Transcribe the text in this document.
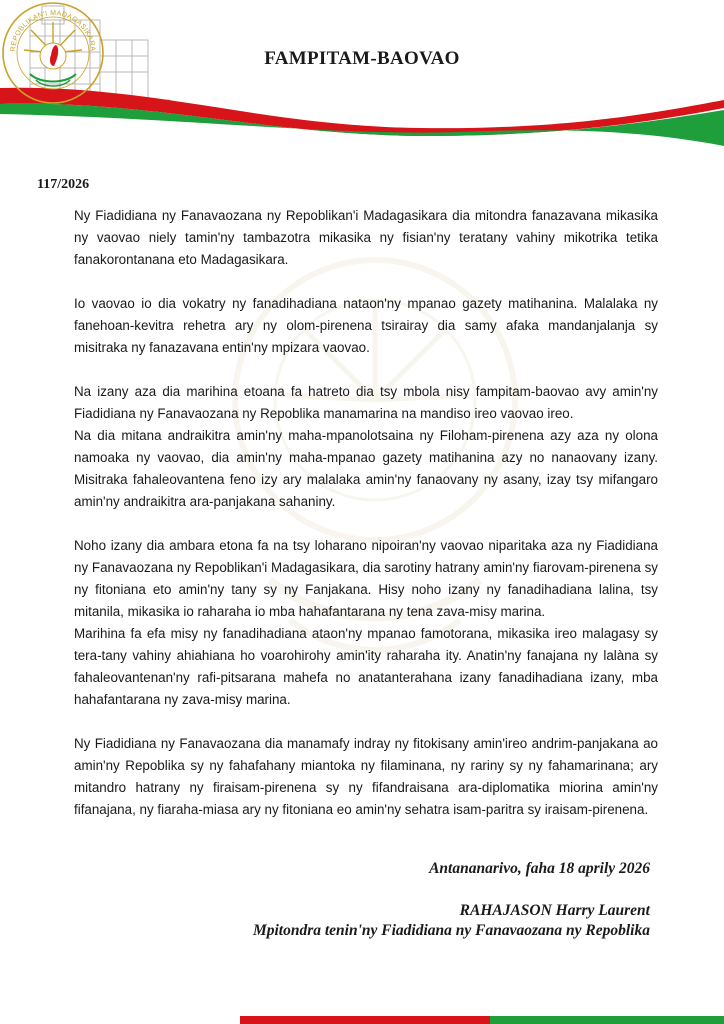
FAMPITAM-BAOVAO
REPOBLIKAN'I MADAGASIKARA
117/2026

Ny Fiadidiana ny Fanavaozana ny Repoblikan'i Madagasikara dia mitondra fanazavana mikasika ny vaovao niely tamin'ny tambazotra mikasika ny fisian'ny teratany vahiny mikotrika tetika fanakorontanana eto Madagasikara.

Io vaovao io dia vokatry ny fanadihadiana nataon'ny mpanao gazety matihanina. Malalaka ny fanehoan-kevitra rehetra ary ny olom-pirenena tsirairay dia samy afaka mandanjalanja sy misitraka ny fanazavana entin'ny mpizara vaovao.

Na izany aza dia marihina etoana fa hatreto dia tsy mbola nisy fampitam-baovao avy amin'ny Fiadidiana ny Fanavaozana ny Repoblika manamarina na mandiso ireo vaovao ireo.

Na dia mitana andraikitra amin'ny maha-mpanolotsaina ny Filoham-pirenena azy aza ny olona namoaka ny vaovao, dia amin'ny maha-mpanao gazety matihanina azy no nanaovany izany. Misitraka fahaleovantena feno izy ary malalaka amin'ny fanaovany ny asany, izay tsy mifangaro amin'ny andraikitra ara-panjakana sahaniny.

Noho izany dia ambara etona fa na tsy loharano nipoiran'ny vaovao niparitaka aza ny Fiadidiana ny Fanavaozana ny Repoblikan'i Madagasikara, dia sarotiny hatrany amin'ny fiarovam-pirenena sy ny fitoniana eto amin'ny tany sy ny Fanjakana. Hisy noho izany ny fanadihadiana lalina, tsy mitanila, mikasika io raharaha io mba hahafantarana ny tena zava-misy marina.

Marihina fa efa misy ny fanadihadiana ataon'ny mpanao famotorana, mikasika ireo malagasy sy tera-tany vahiny ahiahiana ho voarohirohy amin'ity raharaha ity. Anatin'ny fanajana ny lalàna sy fahaleovantenan'ny rafi-pitsarana mahefa no anatanterahana izany fanadihadiana izany, mba hahafantarana ny zava-misy marina.

Ny Fiadidiana ny Fanavaozana dia manamafy indray ny fitokisany amin'ireo andrim-panjakana ao amin'ny Repoblika sy ny fahafahany miantoka ny filaminana, ny rariny sy ny fahamarinana; ary mitandro hatrany ny firaisam-pirenena sy ny fifandraisana ara-diplomatika miorina amin'ny fifanajana, ny fiaraha-miasa ary ny fitoniana eo amin'ny sehatra isam-paritra sy iraisam-pirenena.

Antananarivo, faha 18 aprily 2026
RAHAJASON Harry Laurent
Mpitondra tenin'ny Fiadidiana ny Fanavaozana ny Repoblika
